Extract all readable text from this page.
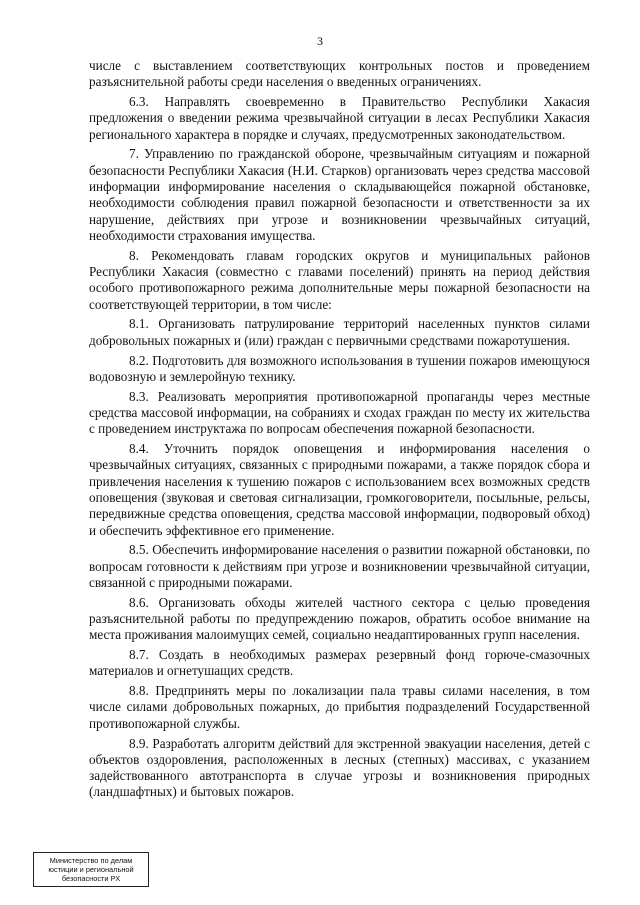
3

числе с выставлением соответствующих контрольных постов и проведением разъяснительной работы среди населения о введенных ограничениях.

6.3. Направлять своевременно в Правительство Республики Хакасия предложения о введении режима чрезвычайной ситуации в лесах Республики Хакасия регионального характера в порядке и случаях, предусмотренных законодательством.

7. Управлению по гражданской обороне, чрезвычайным ситуациям и пожарной безопасности Республики Хакасия (Н.И. Старков) организовать через средства массовой информации информирование населения о складывающейся пожарной обстановке, необходимости соблюдения правил пожарной безопасности и ответственности за их нарушение, действиях при угрозе и возникновении чрезвычайных ситуаций, необходимости страхования имущества.

8. Рекомендовать главам городских округов и муниципальных районов Республики Хакасия (совместно с главами поселений) принять на период действия особого противопожарного режима дополнительные меры пожарной безопасности на соответствующей территории, в том числе:

8.1. Организовать патрулирование территорий населенных пунктов силами добровольных пожарных и (или) граждан с первичными средствами пожаротушения.

8.2. Подготовить для возможного использования в тушении пожаров имеющуюся водовозную и землеройную технику.

8.3. Реализовать мероприятия противопожарной пропаганды через местные средства массовой информации, на собраниях и сходах граждан по месту их жительства с проведением инструктажа по вопросам обеспечения пожарной безопасности.

8.4. Уточнить порядок оповещения и информирования населения о чрезвычайных ситуациях, связанных с природными пожарами, а также порядок сбора и привлечения населения к тушению пожаров с использованием всех возможных средств оповещения (звуковая и световая сигнализации, громкоговорители, посыльные, рельсы, передвижные средства оповещения, средства массовой информации, подворовый обход) и обеспечить эффективное его применение.

8.5. Обеспечить информирование населения о развитии пожарной обстановки, по вопросам готовности к действиям при угрозе и возникновении чрезвычайной ситуации, связанной с природными пожарами.

8.6. Организовать обходы жителей частного сектора с целью проведения разъяснительной работы по предупреждению пожаров, обратить особое внимание на места проживания малоимущих семей, социально неадаптированных групп населения.

8.7. Создать в необходимых размерах резервный фонд горюче-смазочных материалов и огнетушащих средств.

8.8. Предпринять меры по локализации пала травы силами населения, в том числе силами добровольных пожарных, до прибытия подразделений Государственной противопожарной службы.

8.9. Разработать алгоритм действий для экстренной эвакуации населения, детей с объектов оздоровления, расположенных в лесных (степных) массивах, с указанием задействованного автотранспорта в случае угрозы и возникновения природных (ландшафтных) и бытовых пожаров.

Министерство по делам
юстиции и региональной
безопасности РХ
